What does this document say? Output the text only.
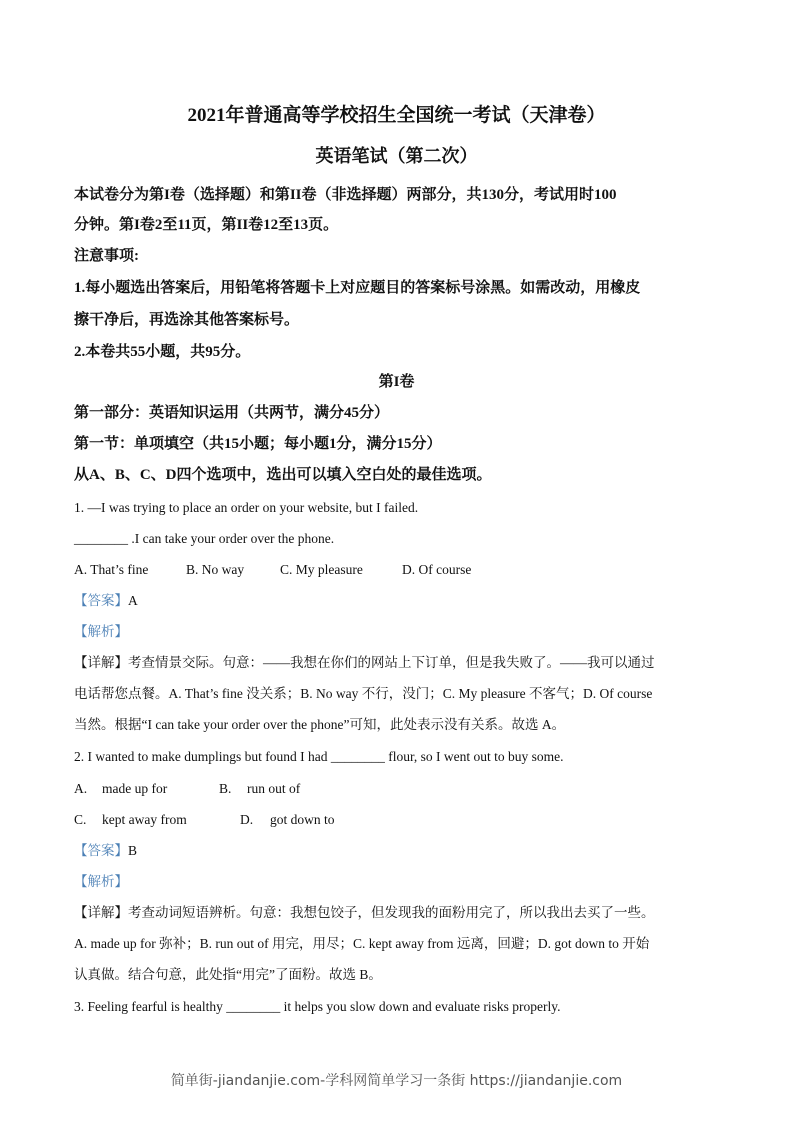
2021年普通高等学校招生全国统一考试（天津卷）
英语笔试（第二次）
本试卷分为第I卷（选择题）和第II卷（非选择题）两部分，共130分，考试用时100
分钟。第I卷2至11页，第II卷12至13页。
注意事项:
1.每小题选出答案后，用铅笔将答题卡上对应题目的答案标号涂黑。如需改动，用橡皮
擦干净后，再选涂其他答案标号。
2.本卷共55小题，共95分。
第I卷
第一部分：英语知识运用（共两节，满分45分）
第一节：单项填空（共15小题；每小题1分，满分15分）
从A、B、C、D四个选项中，选出可以填入空白处的最佳选项。
1. —I was trying to place an order on your website, but I failed.
________ .I can take your order over the phone.
A. That’s fine	B. No way	C. My pleasure	D. Of course
【答案】A
【解析】
【详解】考查情景交际。句意：——我想在你们的网站上下订单，但是我失败了。——我可以通过
电话帮您点餐。A. That’s fine 没关系；B. No way 不行，没门；C. My pleasure 不客气；D. Of course
当然。根据“I can take your order over the phone”可知，此处表示没有关系。故选 A。
2. I wanted to make dumplings but found I had ________ flour, so I went out to buy some.
A. made up for	B. run out of
C. kept away from	D. got down to
【答案】B
【解析】
【详解】考查动词短语辨析。句意：我想包饺子，但发现我的面粉用完了，所以我出去买了一些。
A. made up for 弥补；B. run out of 用完，用尽；C. kept away from 远离，回避；D. got down to 开始
认真做。结合句意，此处指“用完”了面粉。故选 B。
3. Feeling fearful is healthy ________ it helps you slow down and evaluate risks properly.
简单街-jiandanjie.com-学科网简单学习一条街 https://jiandanjie.com
